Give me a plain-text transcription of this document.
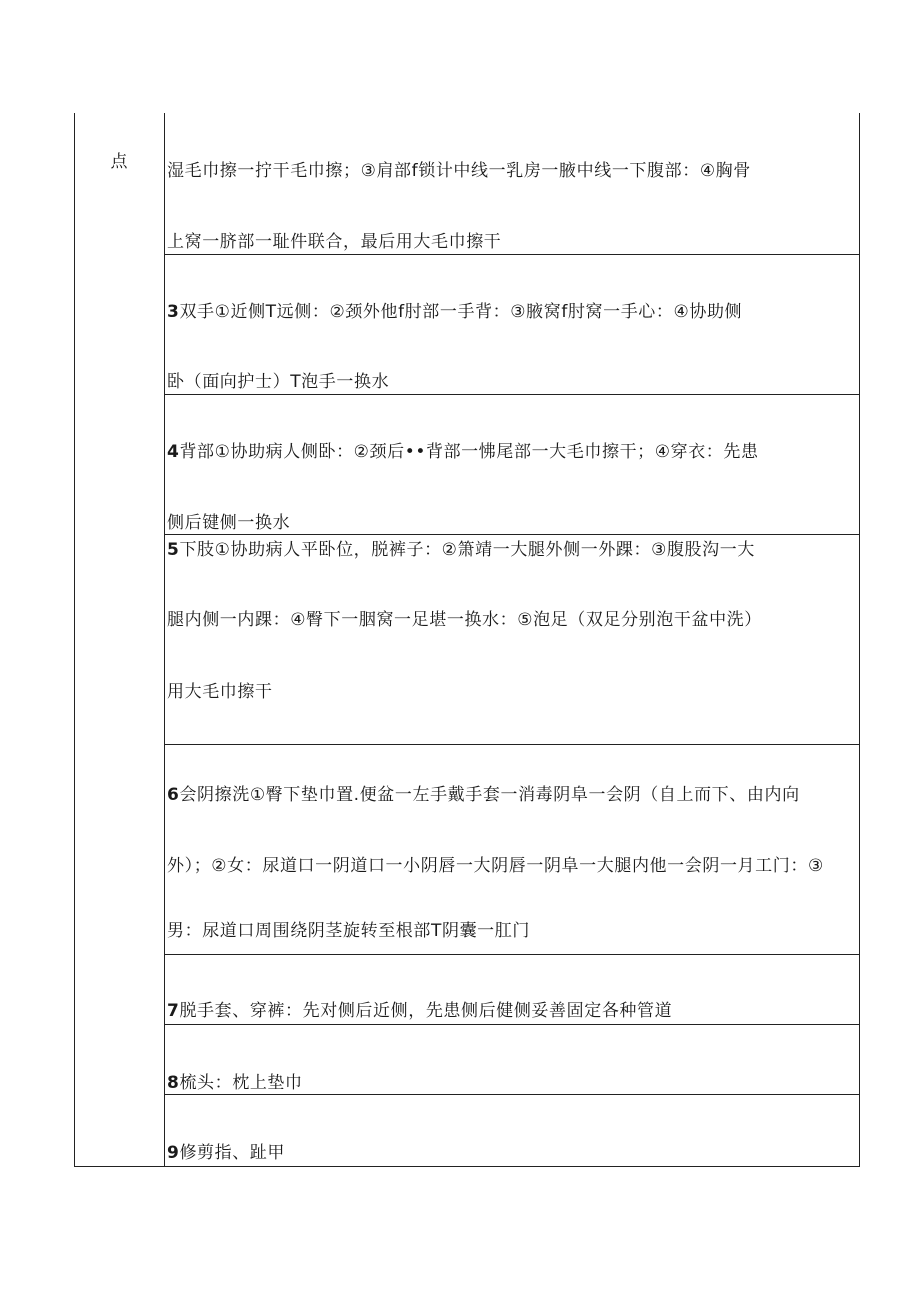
点	湿毛巾擦一拧干毛巾擦；③肩部f锁计中线一乳房一腋中线一下腹部：④胸骨
上窝一脐部一耻件联合，最后用大毛巾擦干
3双手①近侧T远侧：②颈外他f肘部一手背：③腋窝f肘窝一手心：④协助侧
卧（面向护士）T泡手一换水
4背部①协助病人侧卧：②颈后••背部一怫尾部一大毛巾擦干；④穿衣：先患
侧后键侧一换水
5下肢①协助病人平卧位，脱裤子：②箫靖一大腿外侧一外踝：③腹股沟一大
腿内侧一内踝：④臀下一胭窝一足堪一换水：⑤泡足（双足分别泡干盆中洗）
用大毛巾擦干
6会阴擦洗①臀下垫巾置.便盆一左手戴手套一消毒阴阜一会阴（自上而下、由内向
外）；②女：尿道口一阴道口一小阴唇一大阴唇一阴阜一大腿内他一会阴一月工门：③
男：尿道口周围绕阴茎旋转至根部T阴囊一肛门
7脱手套、穿裤：先对侧后近侧，先患侧后健侧妥善固定各种管道
8梳头：枕上垫巾
9修剪指、趾甲
